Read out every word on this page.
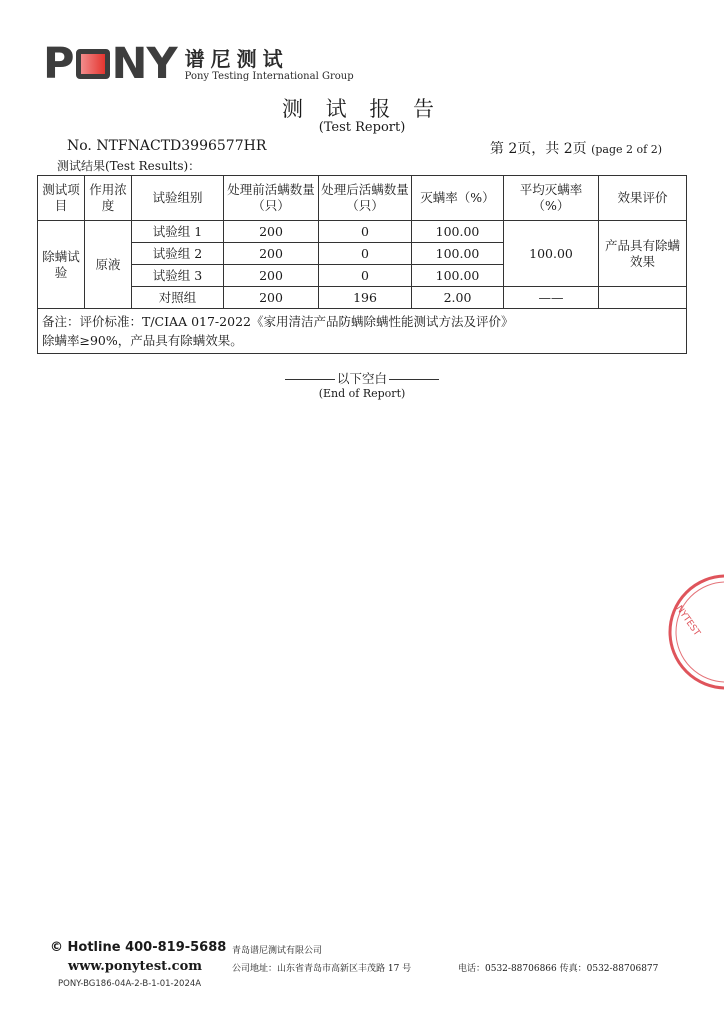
P NY 谱尼测试
Pony Testing International Group
测 试 报 告
(Test Report)
No. NTFNACTD3996577HR	第 2页，共 2页 (page 2 of 2)
测试结果(Test Results)：
测试项目	作用浓度	试验组别	处理前活螨数量（只）	处理后活螨数量（只）	灭螨率（%）	平均灭螨率（%）	效果评价
除螨试验	原液	试验组 1	200	0	100.00	100.00	产品具有除螨效果
		试验组 2	200	0	100.00		
		试验组 3	200	0	100.00		
		对照组	200	196	2.00	——	

备注：评价标准：T/CIAA 017-2022《家用清洁产品防螨除螨性能测试方法及评价》
除螨率≥90%，产品具有除螨效果。							
以下空白
(End of Report)
NYTEST
© Hotline 400-819-5688
www.ponytest.com
PONY-BG186-04A-2-B-1-01-2024A
青岛谱尼测试有限公司
公司地址：山东省青岛市高新区丰茂路 17 号	电话：0532-88706866 传真：0532-88706877
